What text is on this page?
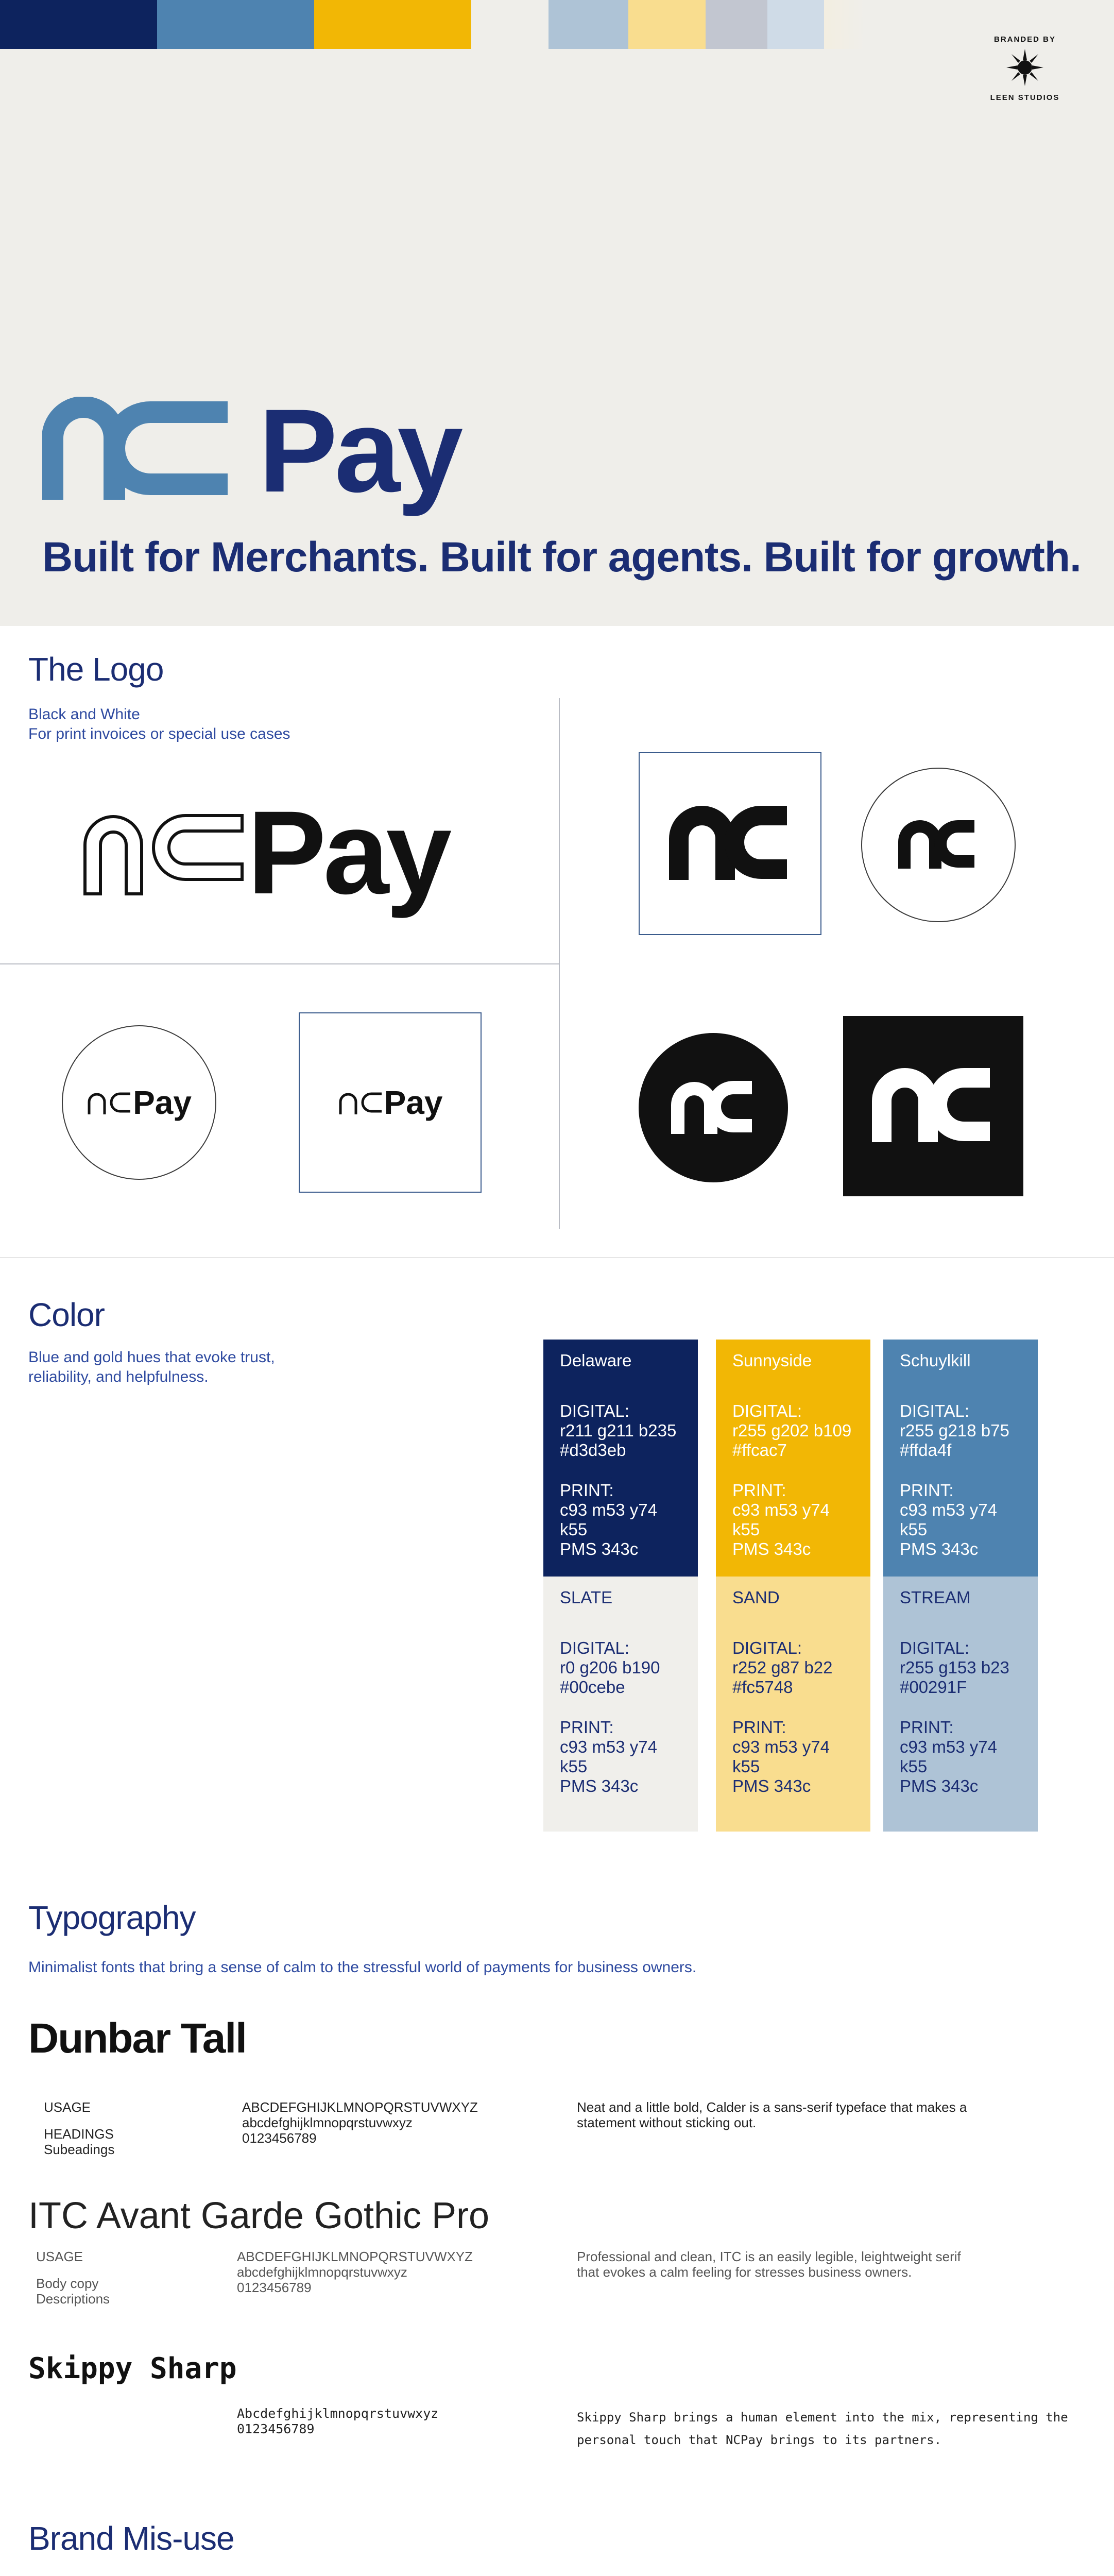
BRANDED BY
LEEN STUDIOS
Pay
Built for Merchants. Built for agents. Built for growth.
The Logo
Black and White
For print invoices or special use cases
Pay
Pay	Pay
Color
Blue and gold hues that evoke trust,
reliability, and helpfulness.
Delaware
DIGITAL:
r211 g211 b235
#d3d3eb
PRINT:
c93 m53 y74
k55
PMS 343c
Sunnyside
DIGITAL:
r255 g202 b109
#ffcac7
PRINT:
c93 m53 y74
k55
PMS 343c
Schuylkill
DIGITAL:
r255 g218 b75
#ffda4f
PRINT:
c93 m53 y74
k55
PMS 343c
SLATE
DIGITAL:
r0 g206 b190
#00cebe
PRINT:
c93 m53 y74
k55
PMS 343c
SAND
DIGITAL:
r252 g87 b22
#fc5748
PRINT:
c93 m53 y74
k55
PMS 343c
STREAM
DIGITAL:
r255 g153 b23
#00291F
PRINT:
c93 m53 y74
k55
PMS 343c
Typography
Minimalist fonts that bring a sense of calm to the stressful world of payments for business owners.
Dunbar Tall
USAGE
HEADINGS
Subeadings
ABCDEFGHIJKLMNOPQRSTUVWXYZ
abcdefghijklmnopqrstuvwxyz
0123456789
Neat and a little bold, Calder is a sans-serif typeface that makes a
statement without sticking out.
ITC Avant Garde Gothic Pro
USAGE
Body copy
Descriptions
ABCDEFGHIJKLMNOPQRSTUVWXYZ
abcdefghijklmnopqrstuvwxyz
0123456789
Professional and clean, ITC is an easily legible, leightweight serif
that evokes a calm feeling for stresses business owners.
Skippy Sharp
Abcdefghijklmnopqrstuvwxyz
0123456789
Skippy Sharp brings a human element into the mix, representing the
personal touch that NCPay brings to its partners.
Brand Mis-use
